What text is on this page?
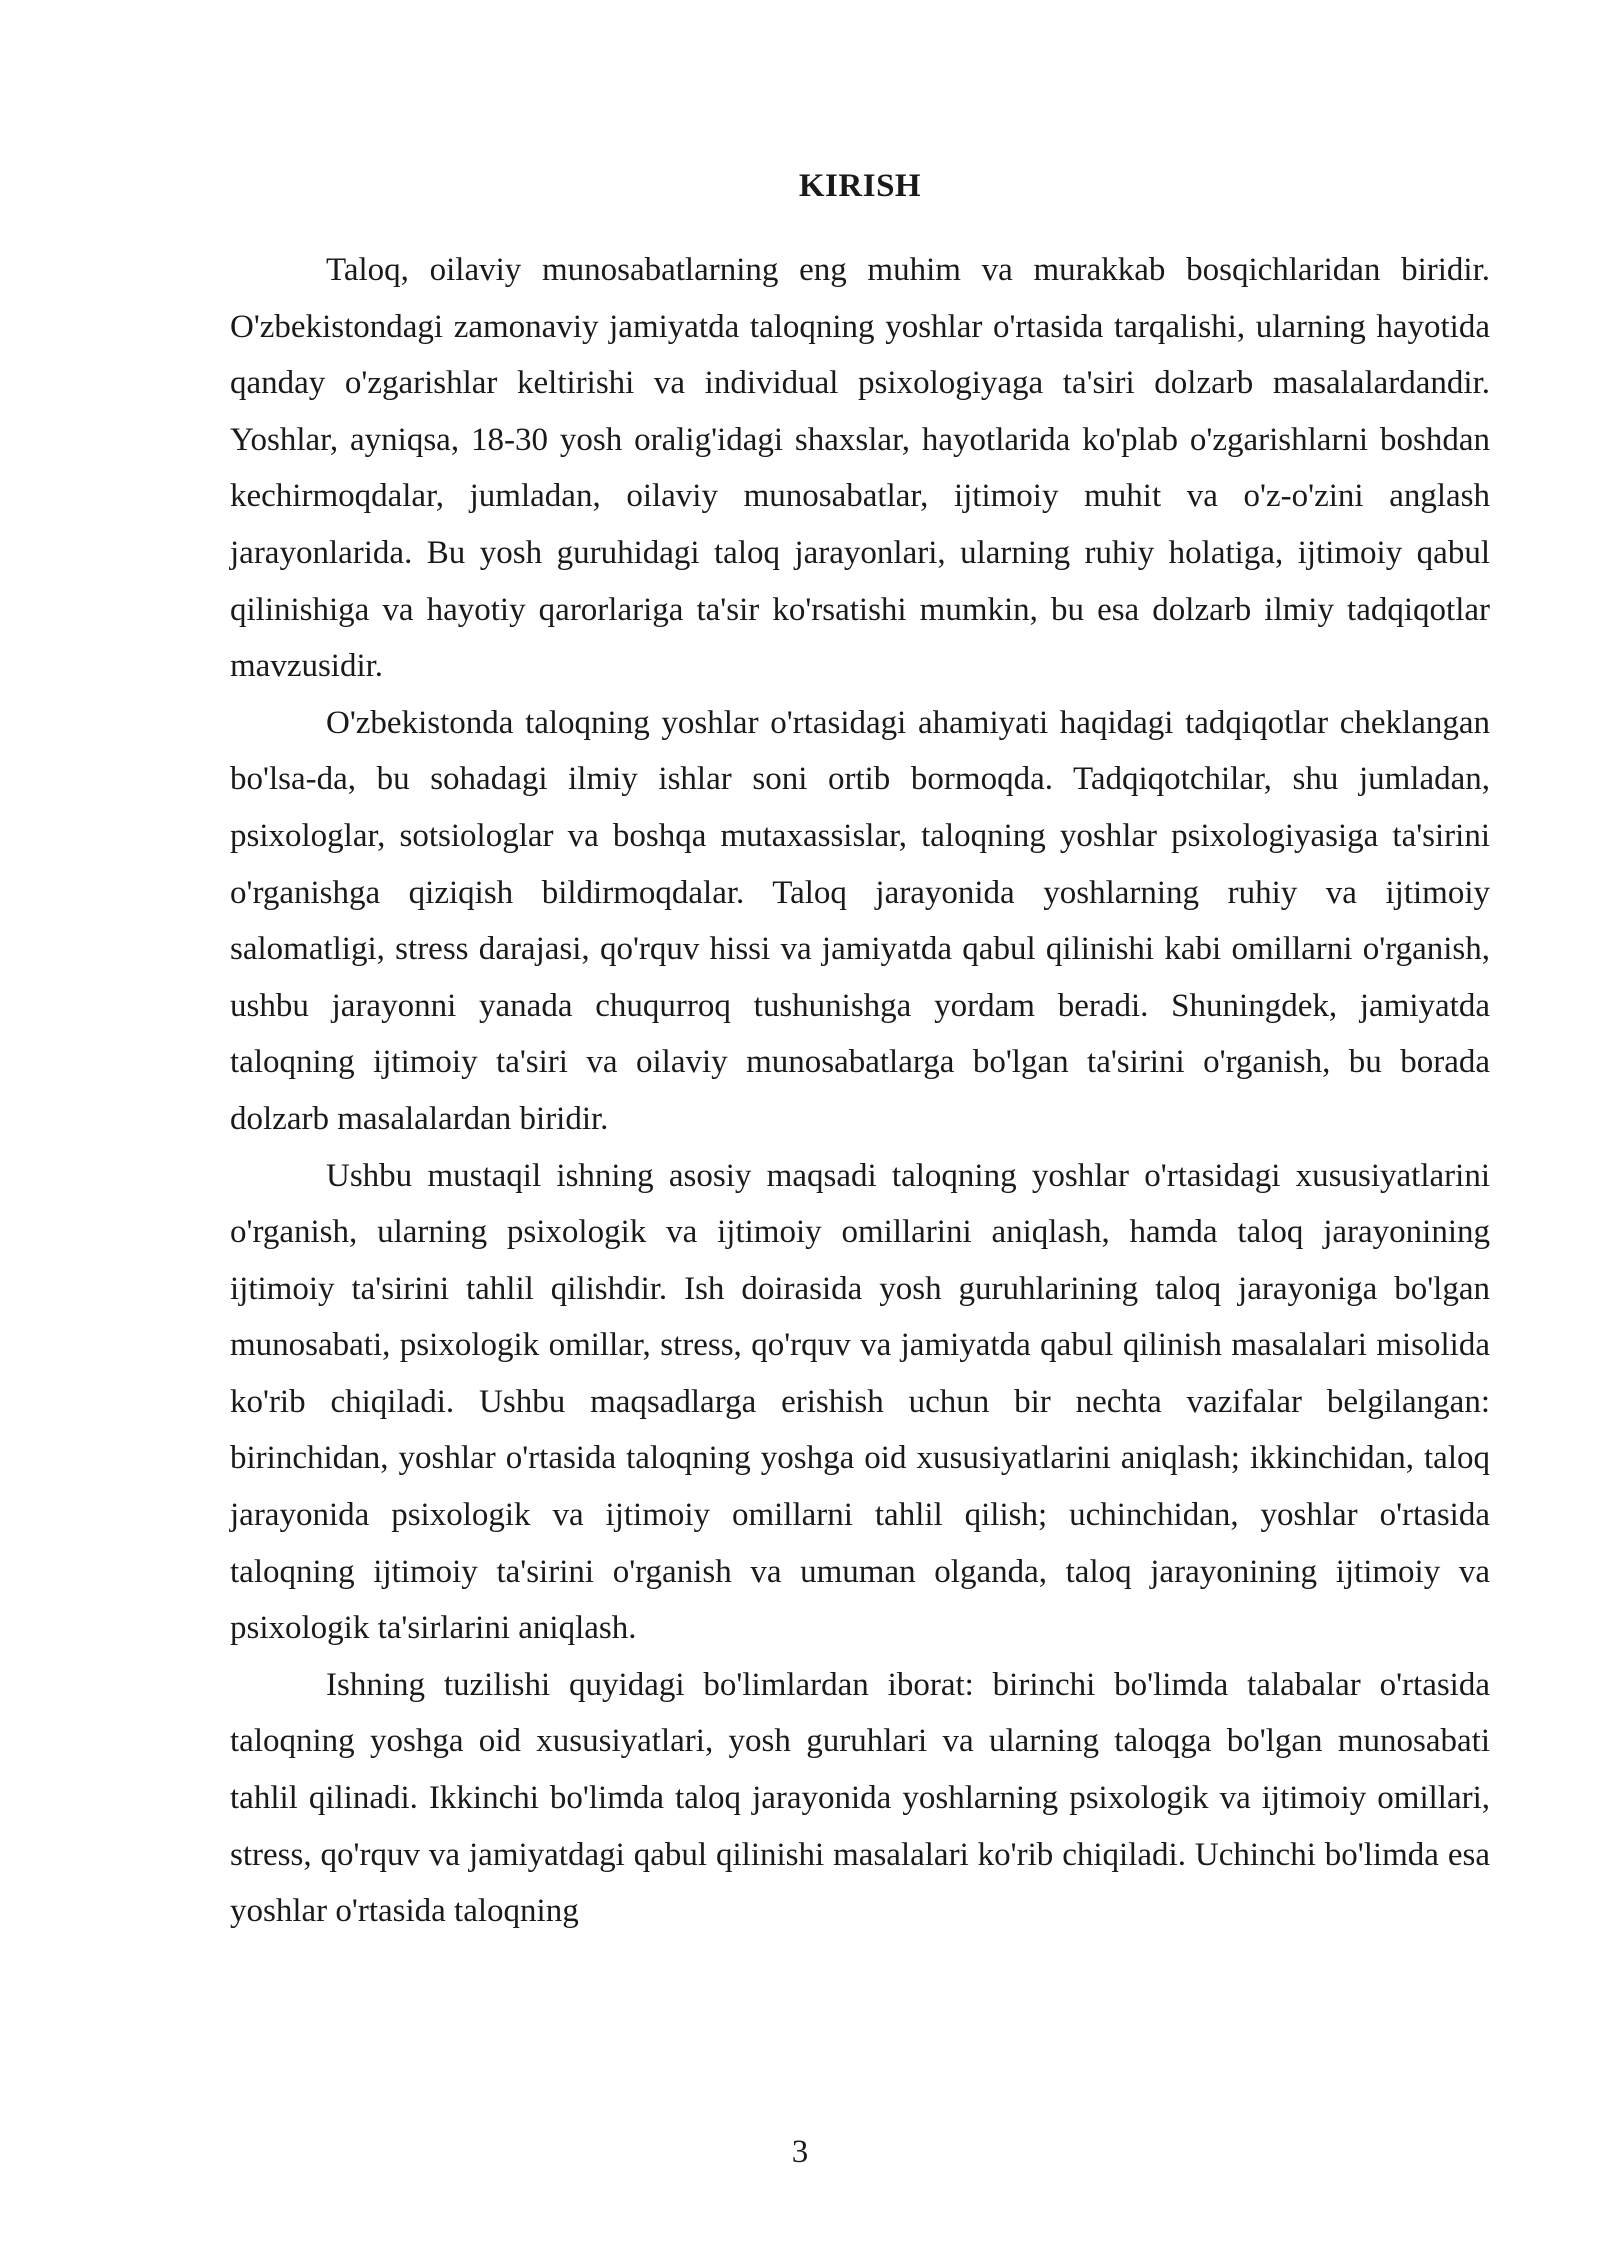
KIRISH

Taloq, oilaviy munosabatlarning eng muhim va murakkab bosqichlaridan biridir. O'zbekistondagi zamonaviy jamiyatda taloqning yoshlar o'rtasida tarqalishi, ularning hayotida qanday o'zgarishlar keltirishi va individual psixologiyaga ta'siri dolzarb masalalardandir. Yoshlar, ayniqsa, 18-30 yosh oralig'idagi shaxslar, hayotlarida ko'plab o'zgarishlarni boshdan kechirmoqdalar, jumladan, oilaviy munosabatlar, ijtimoiy muhit va o'z-o'zini anglash jarayonlarida. Bu yosh guruhidagi taloq jarayonlari, ularning ruhiy holatiga, ijtimoiy qabul qilinishiga va hayotiy qarorlariga ta'sir ko'rsatishi mumkin, bu esa dolzarb ilmiy tadqiqotlar mavzusidir.

O'zbekistonda taloqning yoshlar o'rtasidagi ahamiyati haqidagi tadqiqotlar cheklangan bo'lsa-da, bu sohadagi ilmiy ishlar soni ortib bormoqda. Tadqiqotchilar, shu jumladan, psixologlar, sotsiologlar va boshqa mutaxassislar, taloqning yoshlar psixologiyasiga ta'sirini o'rganishga qiziqish bildirmoqdalar. Taloq jarayonida yoshlarning ruhiy va ijtimoiy salomatligi, stress darajasi, qo'rquv hissi va jamiyatda qabul qilinishi kabi omillarni o'rganish, ushbu jarayonni yanada chuqurroq tushunishga yordam beradi. Shuningdek, jamiyatda taloqning ijtimoiy ta'siri va oilaviy munosabatlarga bo'lgan ta'sirini o'rganish, bu borada dolzarb masalalardan biridir.

Ushbu mustaqil ishning asosiy maqsadi taloqning yoshlar o'rtasidagi xususiyatlarini o'rganish, ularning psixologik va ijtimoiy omillarini aniqlash, hamda taloq jarayonining ijtimoiy ta'sirini tahlil qilishdir. Ish doirasida yosh guruhlarining taloq jarayoniga bo'lgan munosabati, psixologik omillar, stress, qo'rquv va jamiyatda qabul qilinish masalalari misolida ko'rib chiqiladi. Ushbu maqsadlarga erishish uchun bir nechta vazifalar belgilangan: birinchidan, yoshlar o'rtasida taloqning yoshga oid xususiyatlarini aniqlash; ikkinchidan, taloq jarayonida psixologik va ijtimoiy omillarni tahlil qilish; uchinchidan, yoshlar o'rtasida taloqning ijtimoiy ta'sirini o'rganish va umuman olganda, taloq jarayonining ijtimoiy va psixologik ta'sirlarini aniqlash.

Ishning tuzilishi quyidagi bo'limlardan iborat: birinchi bo'limda talabalar o'rtasida taloqning yoshga oid xususiyatlari, yosh guruhlari va ularning taloqga bo'lgan munosabati tahlil qilinadi. Ikkinchi bo'limda taloq jarayonida yoshlarning psixologik va ijtimoiy omillari, stress, qo'rquv va jamiyatdagi qabul qilinishi masalalari ko'rib chiqiladi. Uchinchi bo'limda esa yoshlar o'rtasida taloqning

3
